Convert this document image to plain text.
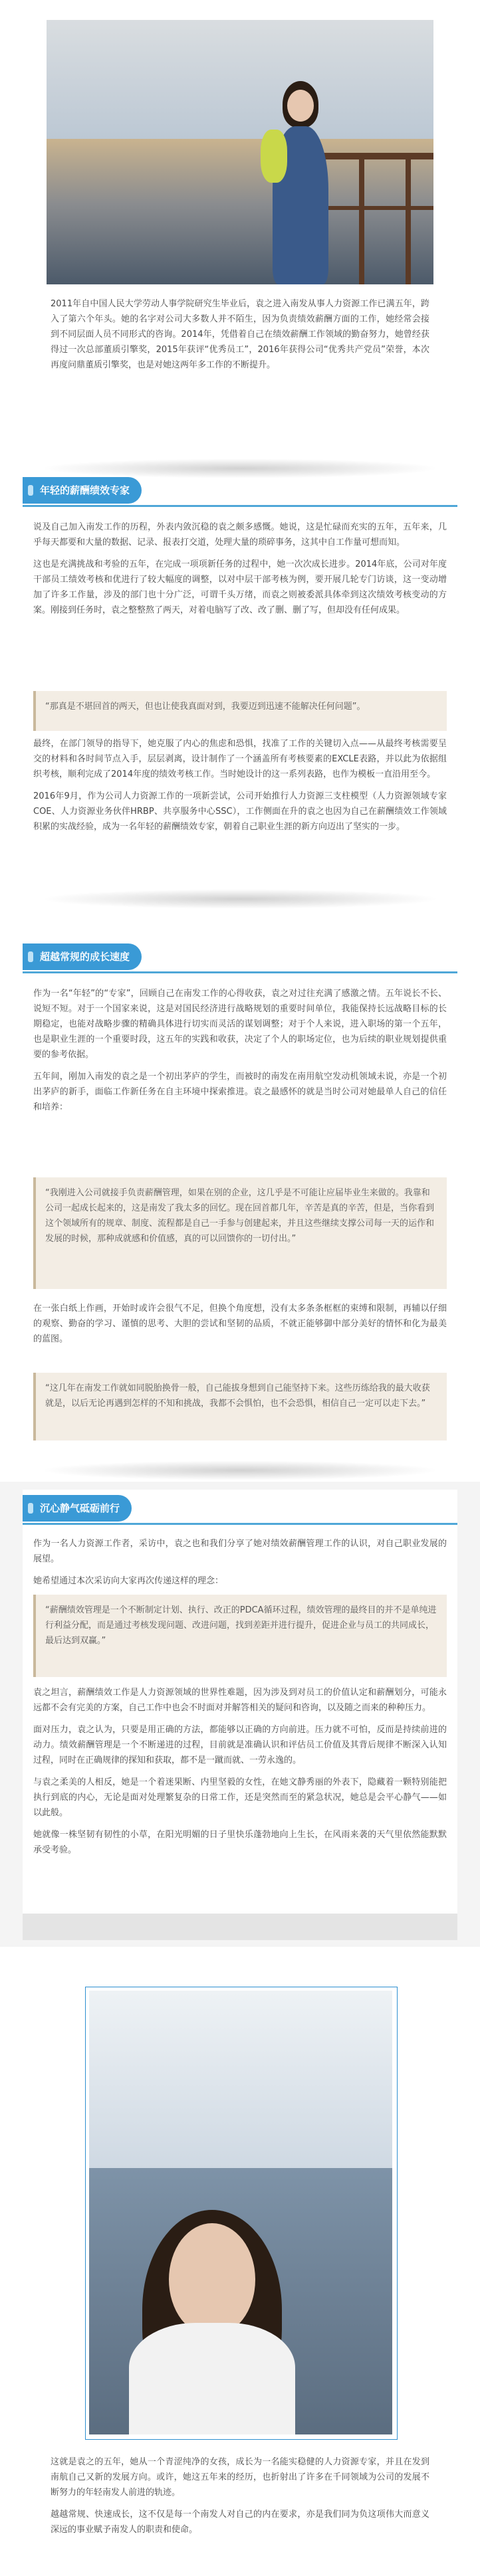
2011年自中国人民大学劳动人事学院研究生毕业后，袁之进入南发从事人力资源工作已满五年，跨入了第六个年头。她的名字对公司大多数人并不陌生，因为负责绩效薪酬方面的工作，她经常会接到不同层面人员不同形式的咨询。2014年，凭借着自己在绩效薪酬工作领域的勤奋努力，她曾经获得过一次总部董质引擎奖，2015年获评“优秀员工”，2016年获得公司“优秀共产党员”荣誉，本次再度问鼎董质引擎奖，也是对她这两年多工作的不断提升。

年轻的薪酬绩效专家

说及自己加入南发工作的历程，外表内敛沉稳的袁之颇多感慨。她说，这是忙碌而充实的五年，五年来，几乎每天都要和大量的数据、记录、报表打交道，处理大量的琐碎事务，这其中自工作量可想而知。

这也是充满挑战和考验的五年，在完成一项项新任务的过程中，她一次次成长进步。2014年底，公司对年度干部员工绩效考核和优进行了较大幅度的调整，以对中层干部考核为例，要开展几轮专门访谈，这一变动增加了许多工作量，涉及的部门也十分广泛，可谓千头万绪，而袁之则被委派具体牵到这次绩效考核变动的方案。刚接到任务时，袁之整整熬了两天，对着电脑写了改、改了删、删了写，但却没有任何成果。

“那真是不堪回首的两天，但也让使我真面对到，我要迈到迅速不能解决任何问题”。

最终，在部门领导的指导下，她克服了内心的焦虑和恐惧，找准了工作的关键切入点——从最终考核需要呈交的材料和各时间节点入手，层层剥离，设计制作了一个涵盖所有考核要素的EXCLE表路，并以此为依据组织考核，顺利完成了2014年度的绩效考核工作。当时她设计的这一系列表路，也作为模板一直沿用至今。

2016年9月，作为公司人力资源工作的一项新尝试，公司开始推行人力资源三支柱模型（人力资源领域专家COE、人力资源业务伙伴HRBP、共享服务中心SSC），工作侧面在升的袁之也因为自己在薪酬绩效工作领域积累的实战经验，成为一名年轻的薪酬绩效专家，朝着自己职业生涯的新方向迈出了坚实的一步。

超越常规的成长速度

作为一名“年轻”的“专家”，回顾自己在南发工作的心得收获，袁之对过往充满了感激之情。五年说长不长、说短不短。对于一个国家来说，这是对国民经济进行战略规划的重要时间单位，我能保持长远战略目标的长期稳定，也能对战略步骤的精确具体进行切实而灵活的谋划调整；对于个人来说，进入职场的第一个五年，也是职业生涯的一个重要时段，这五年的实践和收获，决定了个人的职场定位，也为后续的职业规划提供重要的参考依据。

五年间，刚加入南发的袁之是一个初出茅庐的学生，而被时的南发在南用航空发动机领域未说，亦是一个初出茅庐的新手，面临工作新任务在自主环境中探索推进。袁之最感怀的就是当时公司对她最单人自己的信任和培养：

“我刚进入公司就接手负责薪酬管理，如果在别的企业，这几乎是不可能让应届毕业生来做的。我靠和公司一起成长起来的，这是南发了我太多的回忆。现在回首都几年，辛苦是真的辛苦，但是，当你看到这个领域所有的规章、制度、流程都是自己一手参与创建起来，并且这些继续支撑公司每一天的运作和发展的时候，那种成就感和价值感，真的可以回馈你的一切付出。”

在一张白纸上作画，开始时或许会很气不足，但换个角度想，没有太多条条框框的束缚和限制，再辅以仔细的观察、勤奋的学习、谨慎的思考、大胆的尝试和坚韧的品质，不就正能够御中部分美好的情怀和化为最美的蓝图。

“这几年在南发工作就如同脱胎换骨一般，自己能拔身想到自己能坚持下来。这些历练给我的最大收获就是，以后无论再遇到怎样的不知和挑战，我都不会惧怕，也不会恐惧，相信自己一定可以走下去。”
沉心静气砥砺前行

作为一名人力资源工作者，采访中，袁之也和我们分享了她对绩效薪酬管理工作的认识，对自己职业发展的展望。

她希望通过本次采访向大家再次传递这样的理念：

“薪酬绩效管理是一个不断制定计划、执行、改正的PDCA循环过程，绩效管理的最终目的并不是单纯进行利益分配，而是通过考核发现问题、改进问题，找到差距并进行提升，促进企业与员工的共同成长，最后达到双赢。”

袁之坦言，薪酬绩效工作是人力资源领域的世界性难题，因为涉及到对员工的价值认定和薪酬划分，可能永远都不会有完美的方案，自己工作中也会不时面对并解答相关的疑问和咨询，以及随之而来的种种压力。

面对压力，袁之认为，只要是用正确的方法，都能够以正确的方向前进。压力就不可怕，反而是持续前进的动力。绩效薪酬管理是一个不断递进的过程，目前就是准确认识和评估员工价值及其背后规律不断深入认知过程，同时在正确规律的探知和获取，都不是一蹴而就、一劳永逸的。

与袁之柔美的人相反，她是一个着迷果断、内里坚毅的女性，在她文静秀丽的外表下，隐藏着一颗特别能把执行到底的内心，无论是面对处理繁复杂的日常工作，还是突然而至的紧急状况，她总是会平心静气——如以此般。

她就像一株坚韧有韧性的小草，在阳光明媚的日子里快乐蓬勃地向上生长，在风雨来袭的天气里依然能默默承受考验。

这就是袁之的五年，她从一个青涩纯净的女孩，成长为一名能实稳健的人力资源专家，并且在发到南航自己又新的发展方向。或许，她这五年来的经历，也折射出了许多在千同领域为公司的发展不断努力的年轻南发人前进的轨迹。

越越常规、快速成长，这不仅是每一个南发人对自己的内在要求，亦是我们同为负这项伟大而意义深远的事业赋予南发人的职责和使命。
